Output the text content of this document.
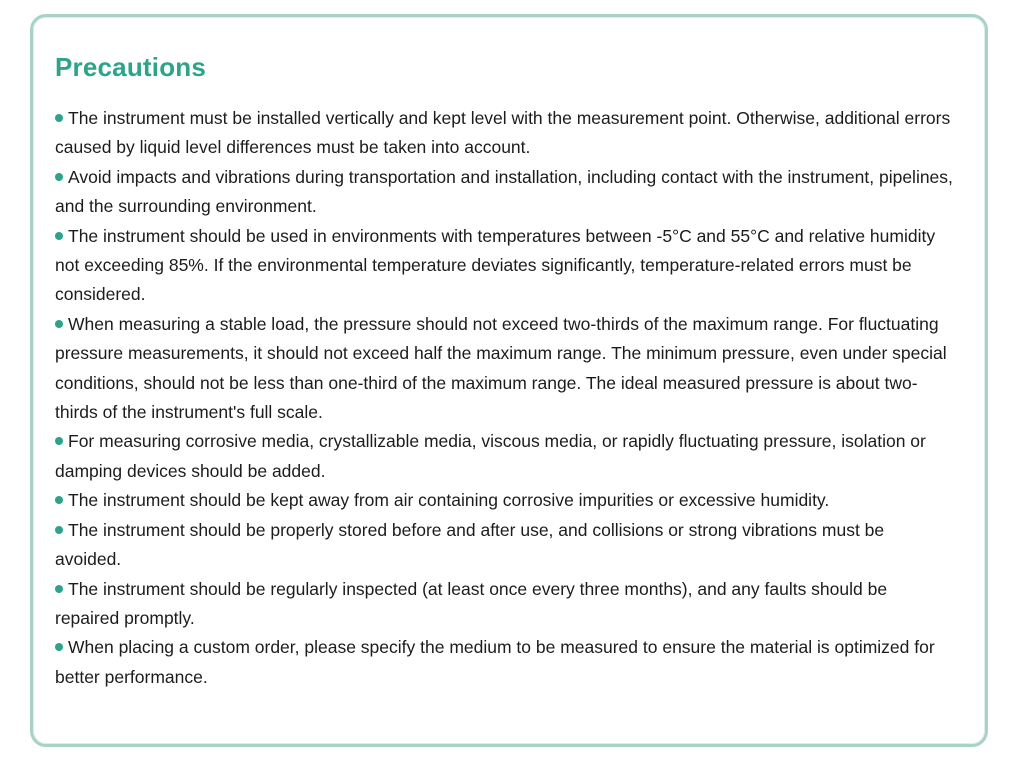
Precautions
The instrument must be installed vertically and kept level with the measurement point. Otherwise, additional errors caused by liquid level differences must be taken into account.
Avoid impacts and vibrations during transportation and installation, including contact with the instrument, pipelines, and the surrounding environment.
The instrument should be used in environments with temperatures between -5°C and 55°C and relative humidity not exceeding 85%. If the environmental temperature deviates significantly, temperature-related errors must be considered.
When measuring a stable load, the pressure should not exceed two-thirds of the maximum range. For fluctuating pressure measurements, it should not exceed half the maximum range. The minimum pressure, even under special conditions, should not be less than one-third of the maximum range. The ideal measured pressure is about two-thirds of the instrument's full scale.
For measuring corrosive media, crystallizable media, viscous media, or rapidly fluctuating pressure, isolation or damping devices should be added.
The instrument should be kept away from air containing corrosive impurities or excessive humidity.
The instrument should be properly stored before and after use, and collisions or strong vibrations must be avoided.
The instrument should be regularly inspected (at least once every three months), and any faults should be repaired promptly.
When placing a custom order, please specify the medium to be measured to ensure the material is optimized for better performance.
